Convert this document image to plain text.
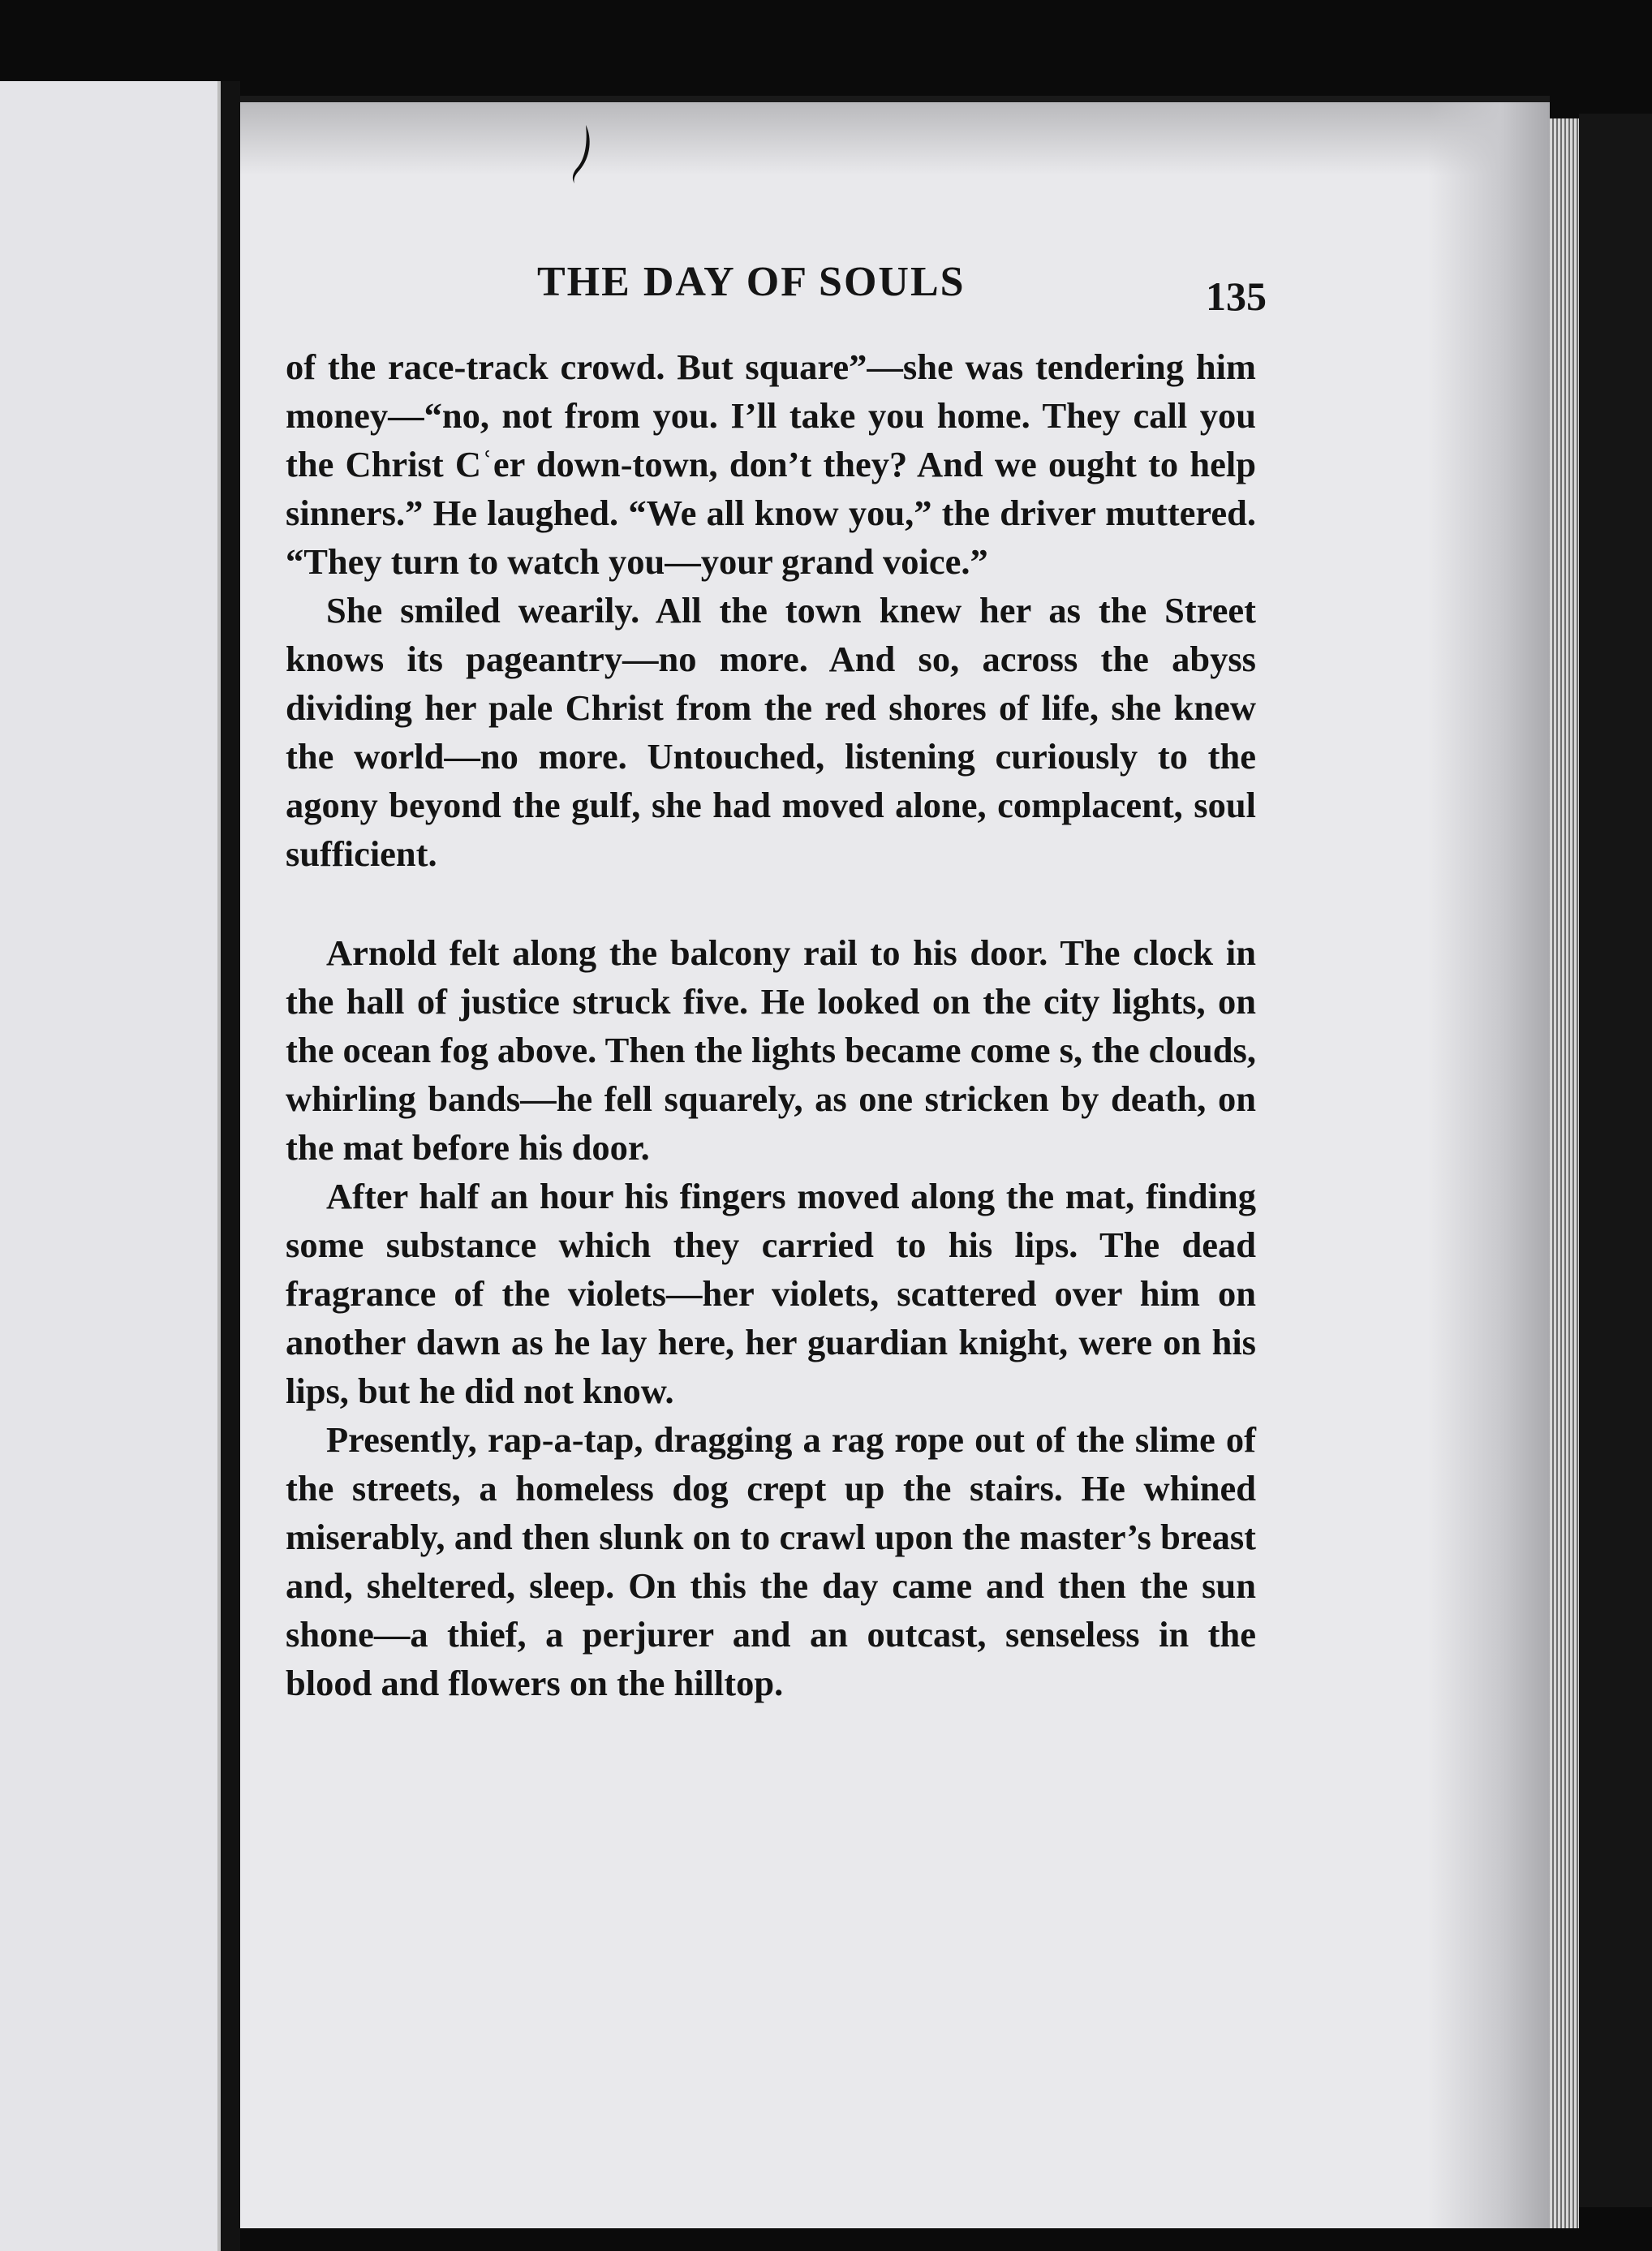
THE DAY OF SOULS	135

of the race-track crowd. But square”—she was tendering him money—“no, not from you. I’ll take you home. They call you the Christ Cʿer down-town, don’t they? And we ought to help sinners.” He laughed. “We all know you,” the driver muttered. “They turn to watch you—your grand voice.”

She smiled wearily. All the town knew her as the Street knows its pageantry—no more. And so, across the abyss dividing her pale Christ from the red shores of life, she knew the world—no more. Untouched, listening curiously to the agony beyond the gulf, she had moved alone, complacent, soul sufficient.

Arnold felt along the balcony rail to his door. The clock in the hall of justice struck five. He looked on the city lights, on the ocean fog above. Then the lights became come s, the clouds, whirling bands—he fell squarely, as one stricken by death, on the mat before his door.

After half an hour his fingers moved along the mat, finding some substance which they carried to his lips. The dead fragrance of the violets—her violets, scattered over him on another dawn as he lay here, her guardian knight, were on his lips, but he did not know.

Presently, rap-a-tap, dragging a rag rope out of the slime of the streets, a homeless dog crept up the stairs. He whined miserably, and then slunk on to crawl upon the master’s breast and, sheltered, sleep. On this the day came and then the sun shone—a thief, a perjurer and an outcast, senseless in the blood and flowers on the hilltop.
